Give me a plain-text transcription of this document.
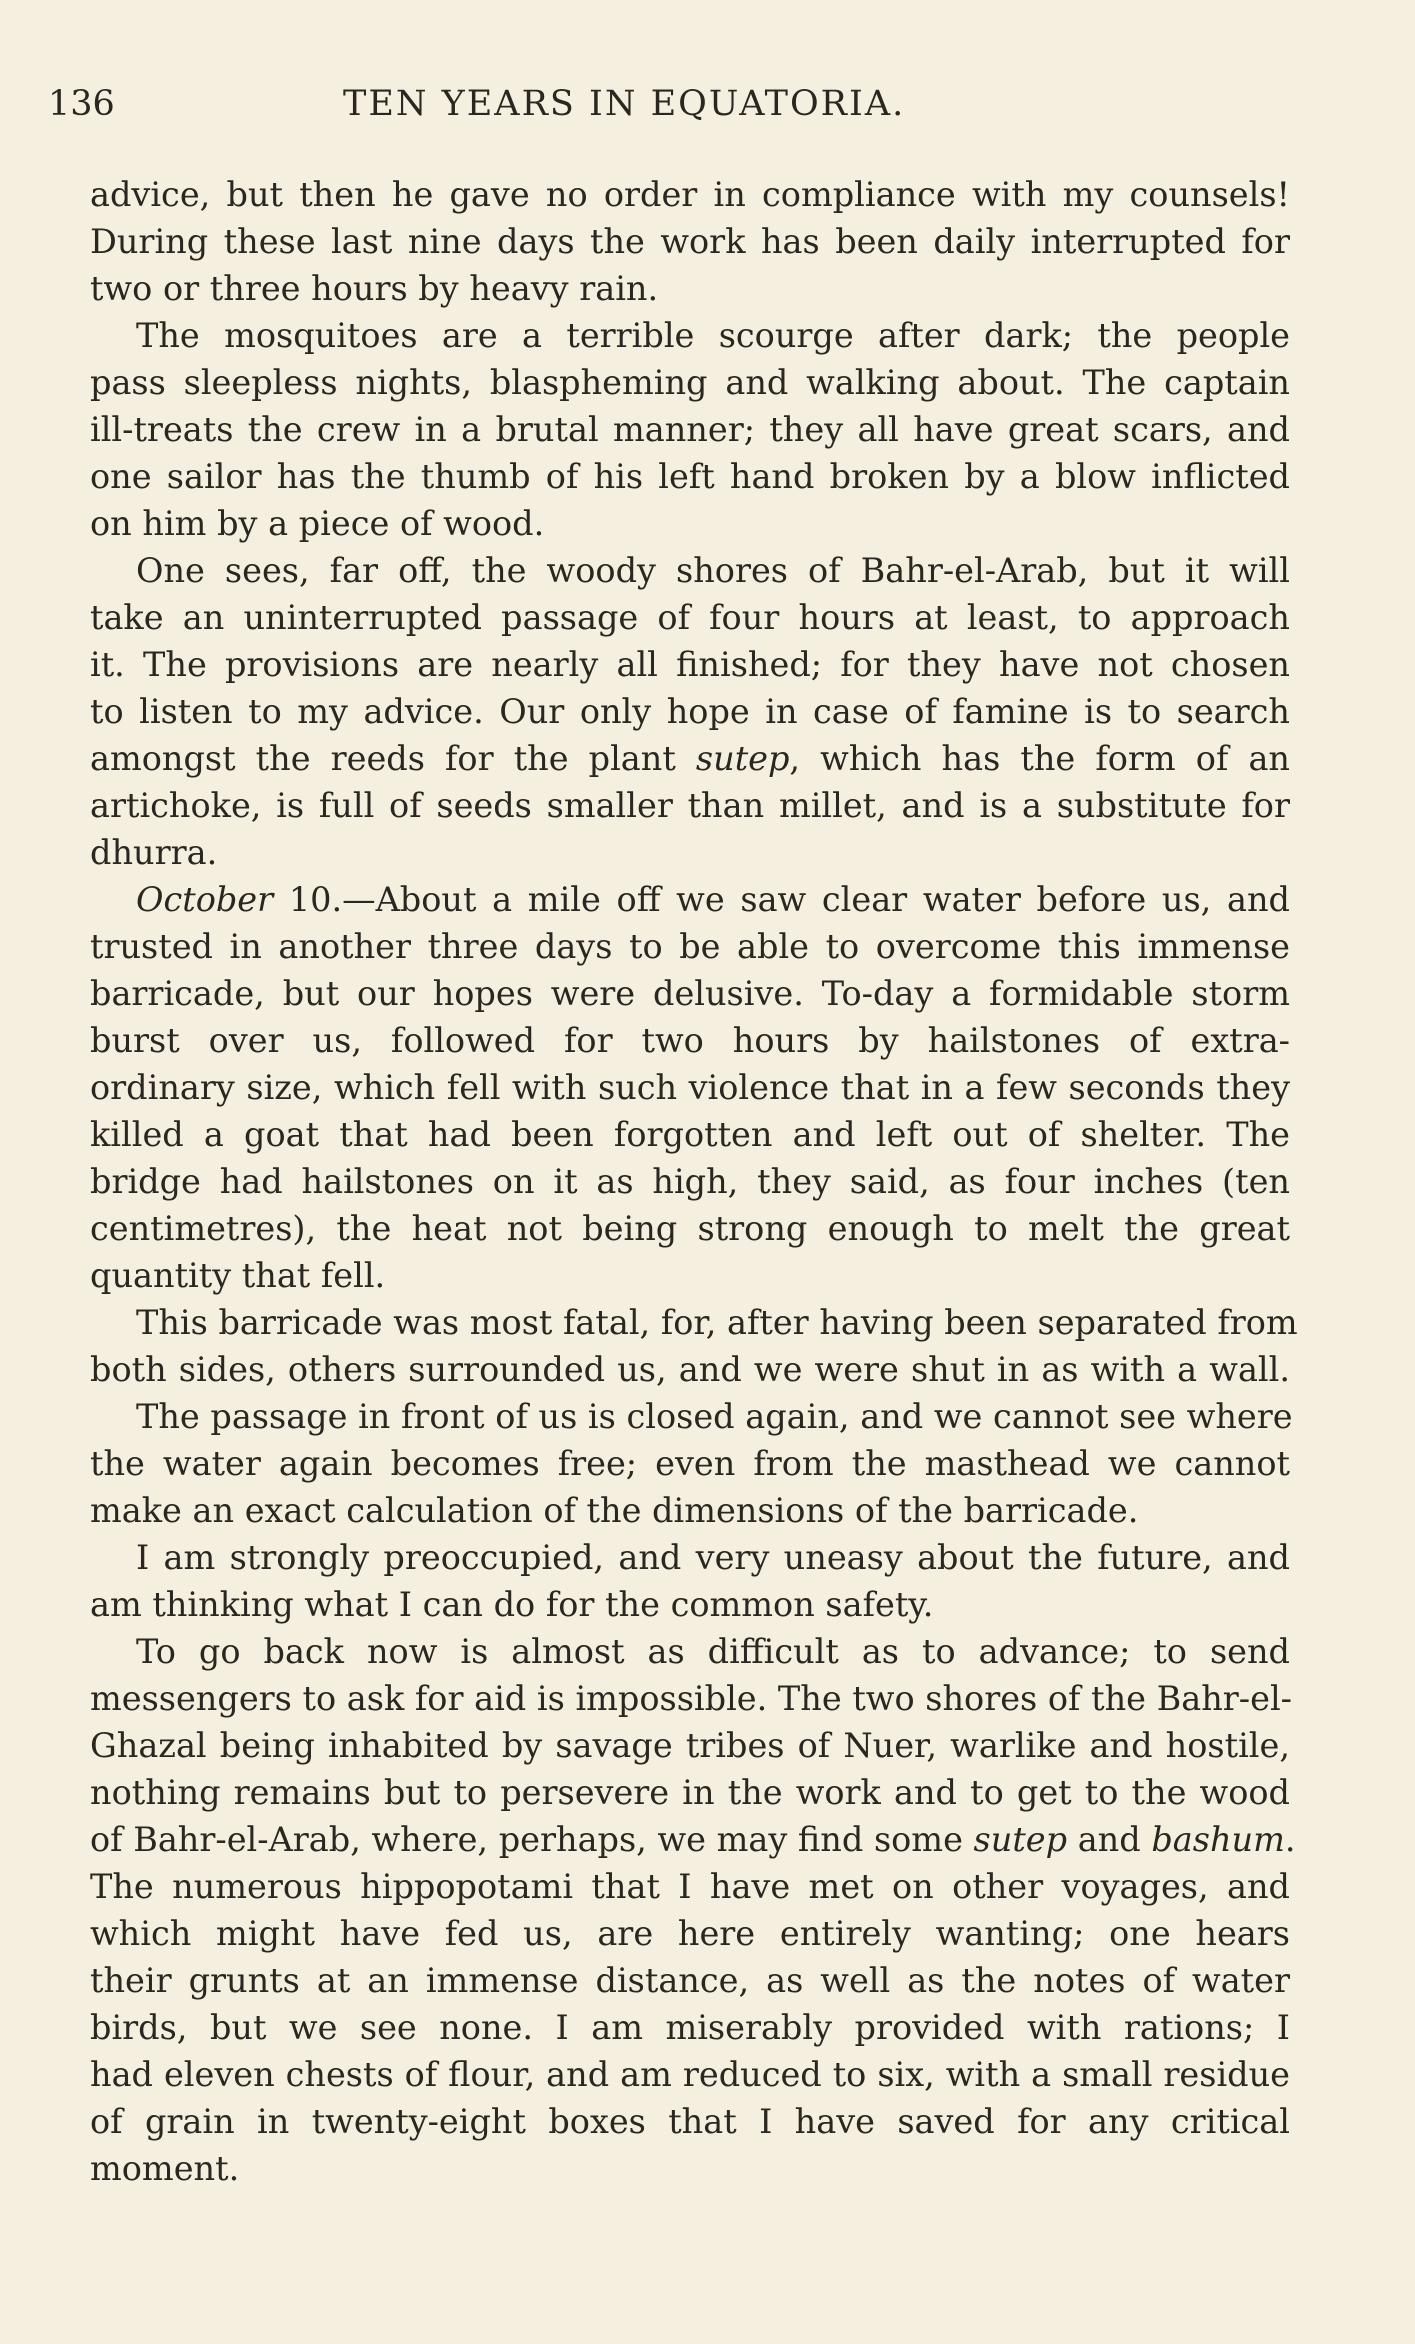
136	TEN YEARS IN EQUATORIA.
advice, but then he gave no order in compliance with my counsels!
During these last nine days the work has been daily interrupted for
two or three hours by heavy rain.
The mosquitoes are a terrible scourge after dark; the people
pass sleepless nights, blaspheming and walking about. The captain
ill-treats the crew in a brutal manner; they all have great scars, and
one sailor has the thumb of his left hand broken by a blow inflicted
on him by a piece of wood.
One sees, far off, the woody shores of Bahr-el-Arab, but it will
take an uninterrupted passage of four hours at least, to approach
it. The provisions are nearly all finished; for they have not chosen
to listen to my advice. Our only hope in case of famine is to search
amongst the reeds for the plant sutep, which has the form of an
artichoke, is full of seeds smaller than millet, and is a substitute for
dhurra.
October 10.—About a mile off we saw clear water before us, and
trusted in another three days to be able to overcome this immense
barricade, but our hopes were delusive. To-day a formidable storm
burst over us, followed for two hours by hailstones of extra-
ordinary size, which fell with such violence that in a few seconds they
killed a goat that had been forgotten and left out of shelter. The
bridge had hailstones on it as high, they said, as four inches (ten
centimetres), the heat not being strong enough to melt the great
quantity that fell.
This barricade was most fatal, for, after having been separated from
both sides, others surrounded us, and we were shut in as with a wall.
The passage in front of us is closed again, and we cannot see where
the water again becomes free; even from the masthead we cannot
make an exact calculation of the dimensions of the barricade.
I am strongly preoccupied, and very uneasy about the future, and
am thinking what I can do for the common safety.
To go back now is almost as difficult as to advance; to send
messengers to ask for aid is impossible. The two shores of the Bahr-el-
Ghazal being inhabited by savage tribes of Nuer, warlike and hostile,
nothing remains but to persevere in the work and to get to the wood
of Bahr-el-Arab, where, perhaps, we may find some sutep and bashum.
The numerous hippopotami that I have met on other voyages, and
which might have fed us, are here entirely wanting; one hears
their grunts at an immense distance, as well as the notes of water
birds, but we see none. I am miserably provided with rations; I
had eleven chests of flour, and am reduced to six, with a small residue
of grain in twenty-eight boxes that I have saved for any critical
moment.
